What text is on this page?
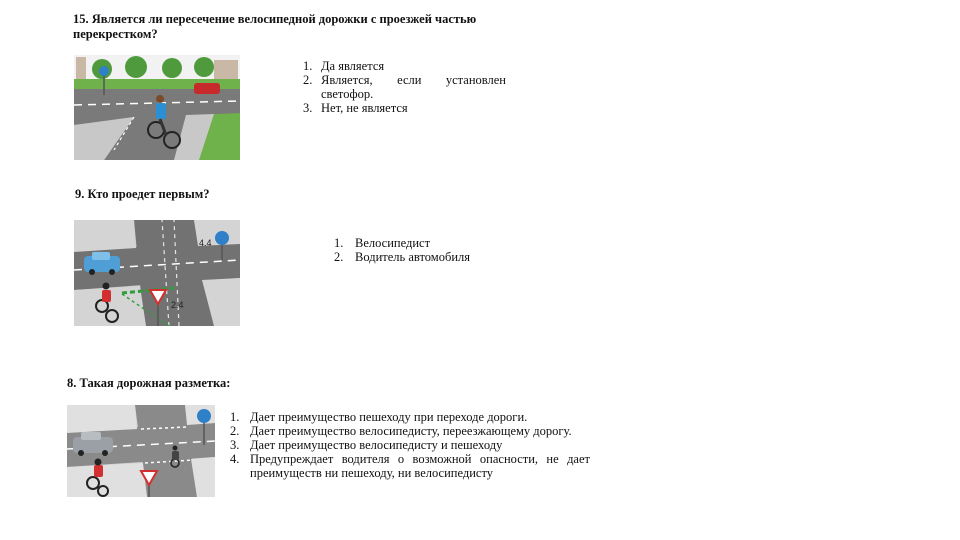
15. Является ли пересечение велосипедной дорожки с проезжей частью
перекрестком?
1. Да является
2. Является, если установлен светофор.
3. Нет, не является
9. Кто проедет первым?
4.4
2.4
1. Велосипедист
2. Водитель автомобиля
8. Такая дорожная разметка:
1. Дает преимущество пешеходу при переходе дороги.
2. Дает преимущество велосипедисту, переезжающему дорогу.
3. Дает преимущество велосипедисту и пешеходу
4. Предупреждает водителя о возможной опасности, не дает преимуществ ни пешеходу, ни велосипедисту
